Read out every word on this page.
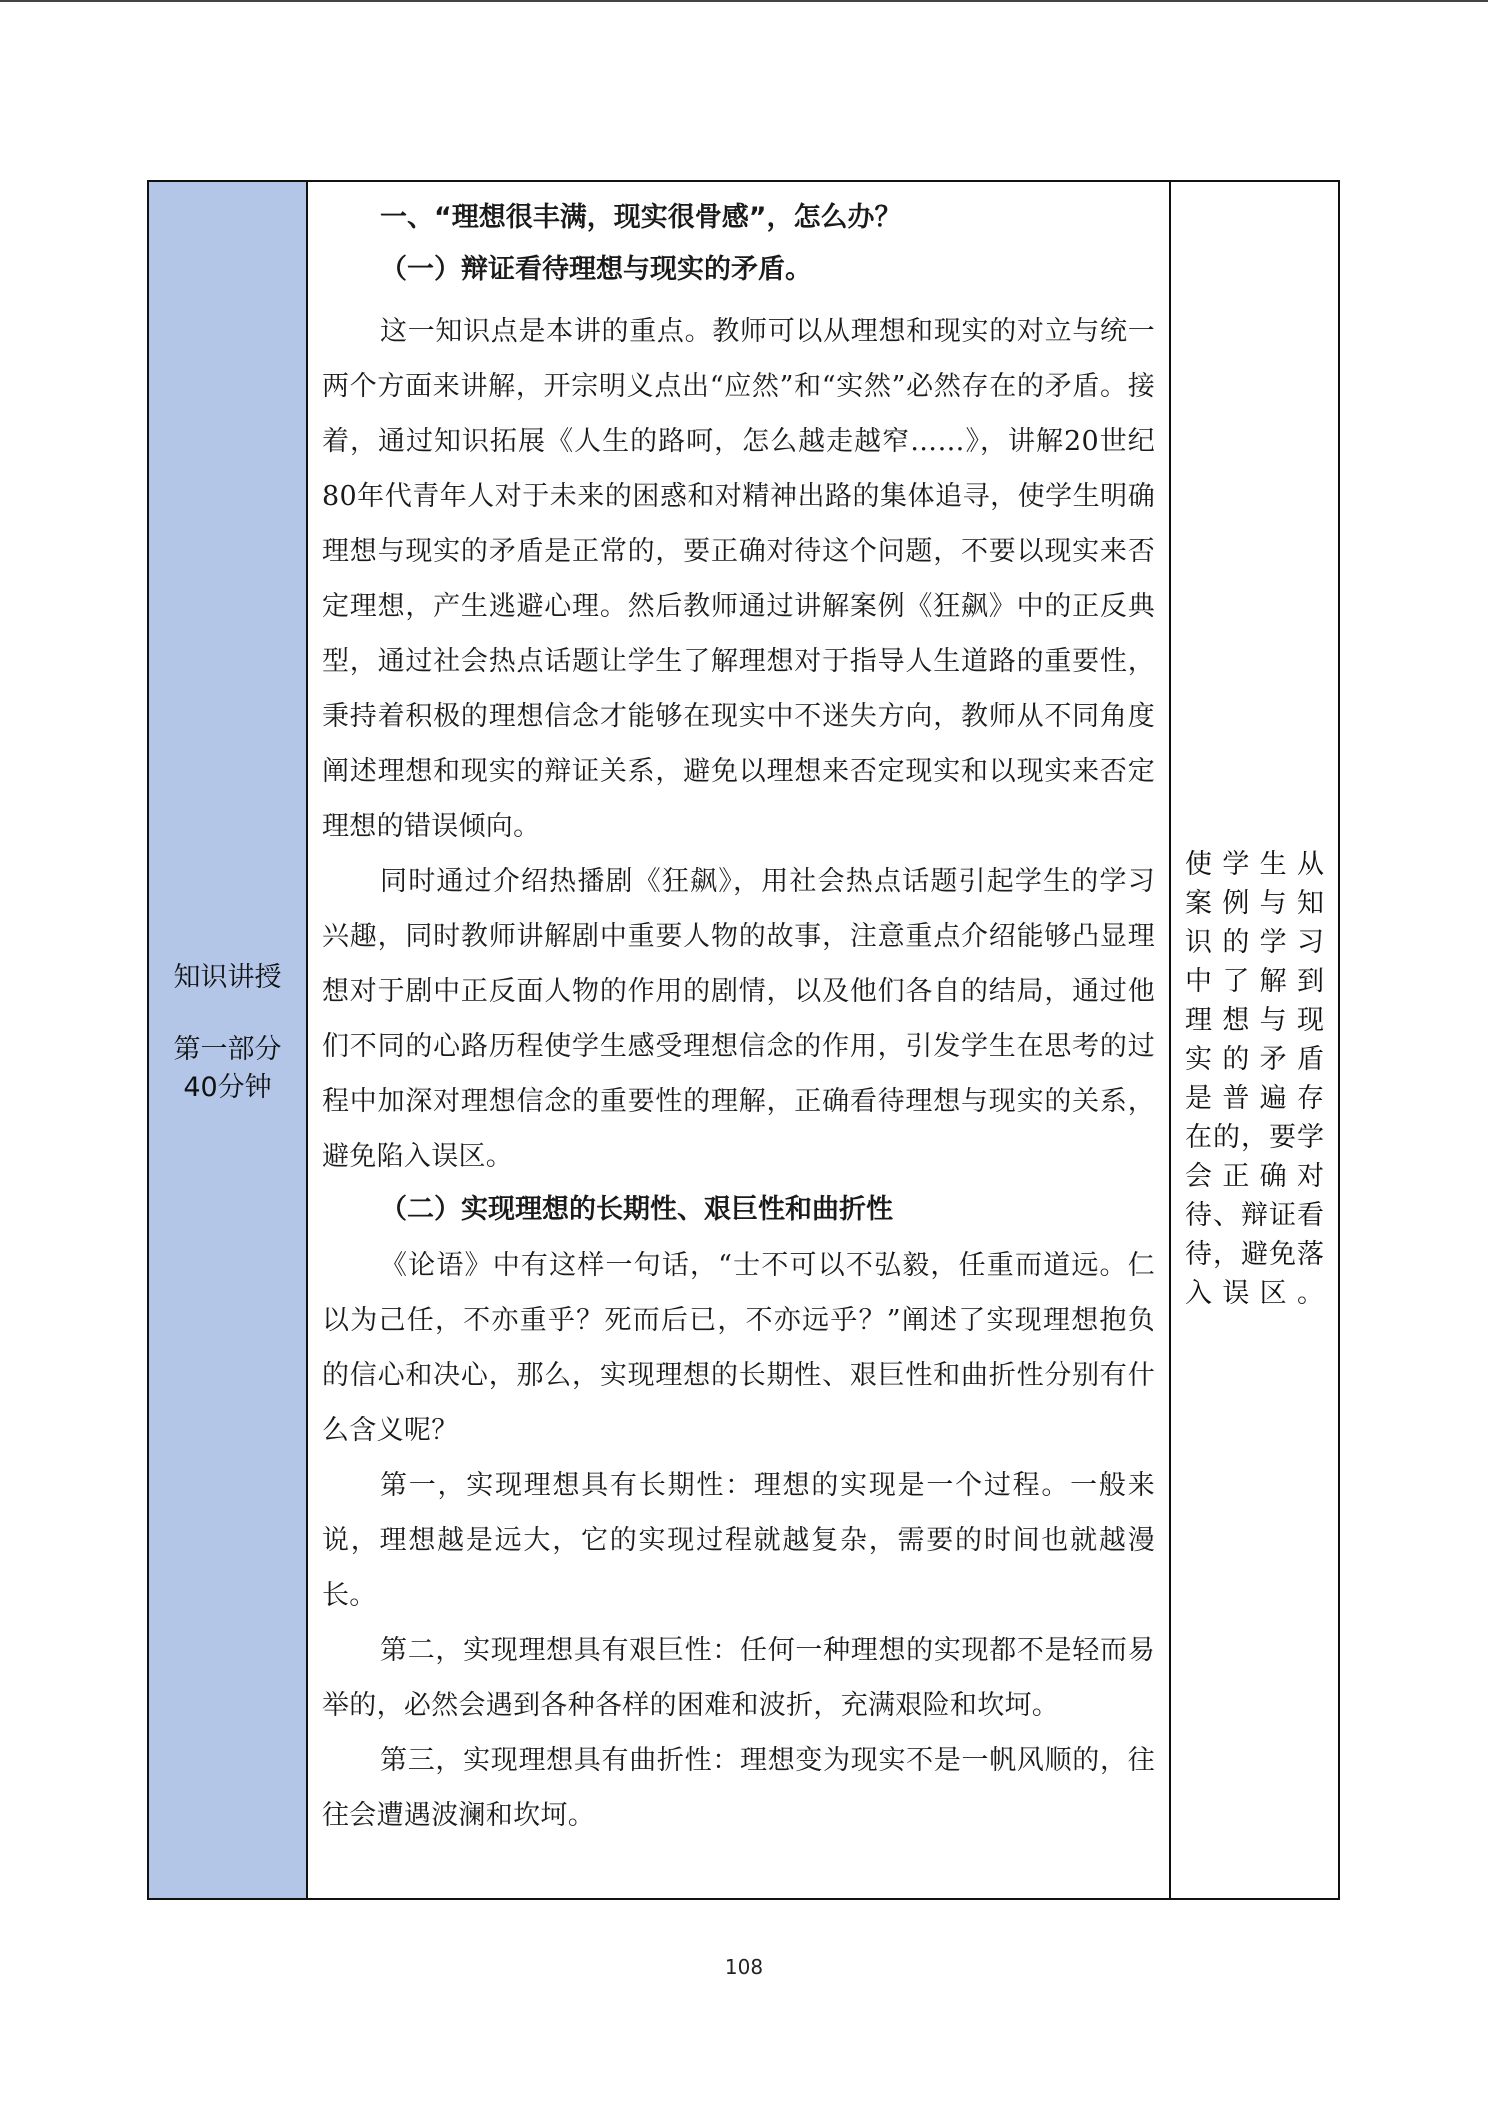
知识讲授
第一部分
40分钟
一、“理想很丰满，现实很骨感”，怎么办？
（一）辩证看待理想与现实的矛盾。

这一知识点是本讲的重点。教师可以从理想和现实的对立与统一两个方面来讲解，开宗明义点出“应然”和“实然”必然存在的矛盾。接着，通过知识拓展《人生的路呵，怎么越走越窄……》，讲解20世纪80年代青年人对于未来的困惑和对精神出路的集体追寻，使学生明确理想与现实的矛盾是正常的，要正确对待这个问题，不要以现实来否定理想，产生逃避心理。然后教师通过讲解案例《狂飙》中的正反典型，通过社会热点话题让学生了解理想对于指导人生道路的重要性，秉持着积极的理想信念才能够在现实中不迷失方向，教师从不同角度阐述理想和现实的辩证关系，避免以理想来否定现实和以现实来否定理想的错误倾向。

同时通过介绍热播剧《狂飙》，用社会热点话题引起学生的学习兴趣，同时教师讲解剧中重要人物的故事，注意重点介绍能够凸显理想对于剧中正反面人物的作用的剧情，以及他们各自的结局，通过他们不同的心路历程使学生感受理想信念的作用，引发学生在思考的过程中加深对理想信念的重要性的理解，正确看待理想与现实的关系，避免陷入误区。

（二）实现理想的长期性、艰巨性和曲折性

《论语》中有这样一句话，“士不可以不弘毅，任重而道远。仁以为己任，不亦重乎？死而后已，不亦远乎？”阐述了实现理想抱负的信心和决心，那么，实现理想的长期性、艰巨性和曲折性分别有什么含义呢？

第一，实现理想具有长期性：理想的实现是一个过程。一般来说，理想越是远大，它的实现过程就越复杂，需要的时间也就越漫长。

第二，实现理想具有艰巨性：任何一种理想的实现都不是轻而易举的，必然会遇到各种各样的困难和波折，充满艰险和坎坷。

第三，实现理想具有曲折性：理想变为现实不是一帆风顺的，往往会遭遇波澜和坎坷。

使学生从
案例与知
识的学习
中了解到
理想与现
实的矛盾
是普遍存
在的，要学
会正确对
待、辩证看
待，避免落
入误区。
108
